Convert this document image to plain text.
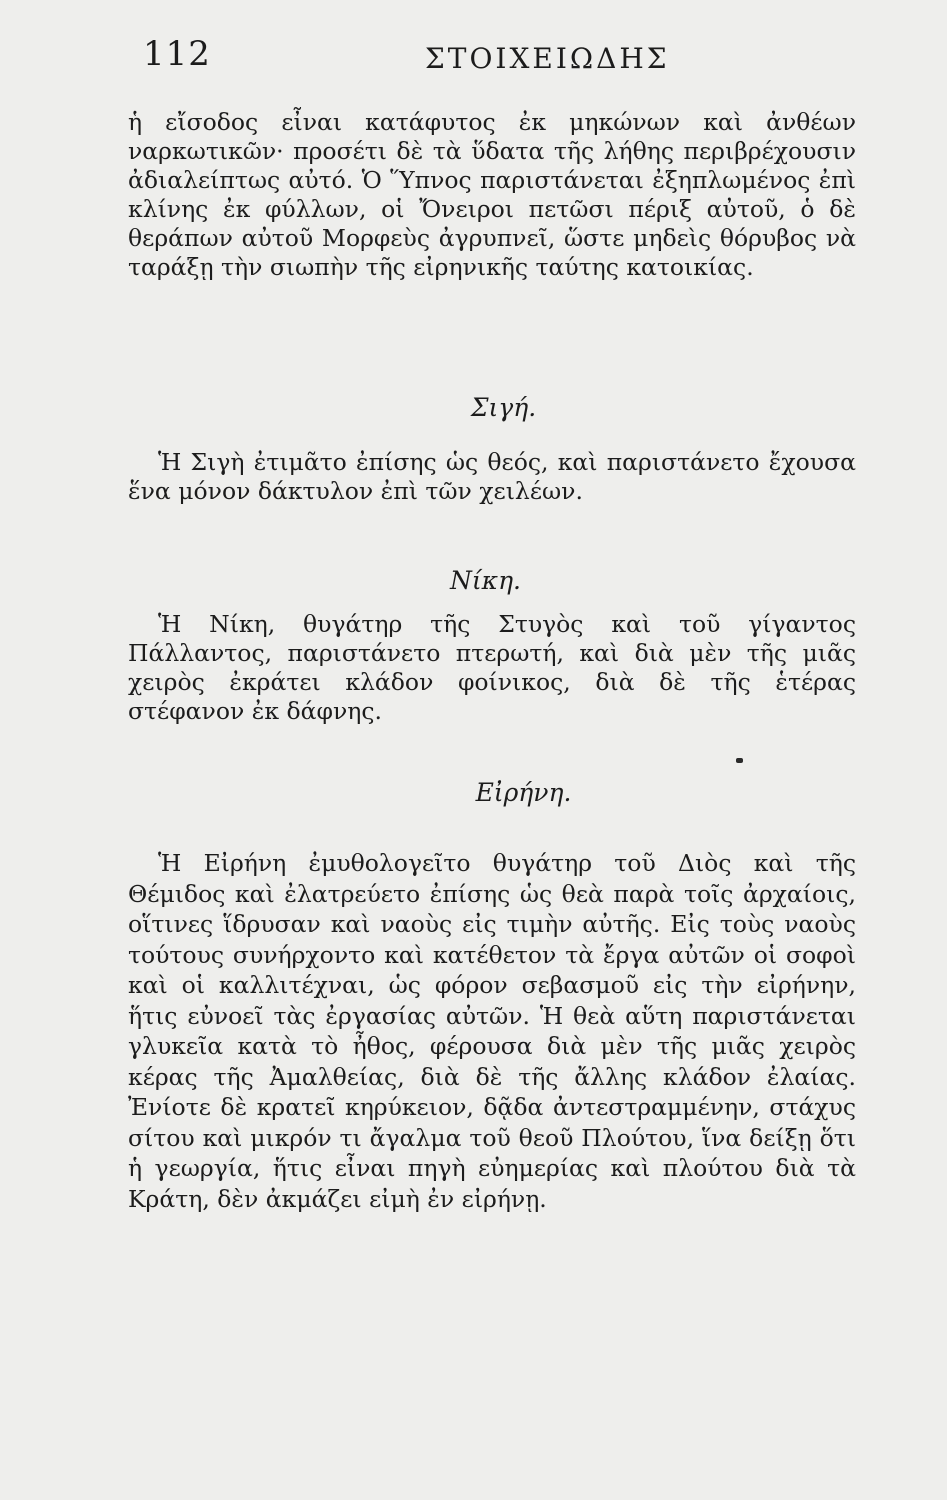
112	ΣΤΟΙΧΕΙΩΔΗΣ

ἡ εἴσοδος εἶναι κατάφυτος ἐκ μηκώνων καὶ ἀνθέων ναρκωτικῶν· προσέτι δὲ τὰ ὕδατα τῆς λήθης περιβρέχουσιν ἀδιαλείπτως αὐτό. Ὁ Ὕπνος παριστάνεται ἐξηπλωμένος ἐπὶ κλίνης ἐκ φύλλων, οἱ Ὄνειροι πετῶσι πέριξ αὐτοῦ, ὁ δὲ θεράπων αὐτοῦ Μορφεὺς ἀγρυπνεῖ, ὥστε μηδεὶς θόρυβος νὰ ταράξῃ τὴν σιωπὴν τῆς εἰρηνικῆς ταύτης κατοικίας.

Σιγή.

Ἡ Σιγὴ ἐτιμᾶτο ἐπίσης ὡς θεός, καὶ παριστάνετο ἔχουσα ἕνα μόνον δάκτυλον ἐπὶ τῶν χειλέων.

Νίκη.

Ἡ Νίκη, θυγάτηρ τῆς Στυγὸς καὶ τοῦ γίγαντος Πάλλαντος, παριστάνετο πτερωτή, καὶ διὰ μὲν τῆς μιᾶς χειρὸς ἐκράτει κλάδον φοίνικος, διὰ δὲ τῆς ἑτέρας στέφανον ἐκ δάφνης.

Εἰρήνη.

Ἡ Εἰρήνη ἐμυθολογεῖτο θυγάτηρ τοῦ Διὸς καὶ τῆς Θέμιδος καὶ ἐλατρεύετο ἐπίσης ὡς θεὰ παρὰ τοῖς ἀρχαίοις, οἵτινες ἵδρυσαν καὶ ναοὺς εἰς τιμὴν αὐτῆς. Εἰς τοὺς ναοὺς τούτους συνήρχοντο καὶ κατέθετον τὰ ἔργα αὐτῶν οἱ σοφοὶ καὶ οἱ καλλιτέχναι, ὡς φόρον σεβασμοῦ εἰς τὴν εἰρήνην, ἥτις εὐνοεῖ τὰς ἐργασίας αὐτῶν. Ἡ θεὰ αὕτη παριστάνεται γλυκεῖα κατὰ τὸ ἦθος, φέρουσα διὰ μὲν τῆς μιᾶς χειρὸς κέρας τῆς Ἀμαλθείας, διὰ δὲ τῆς ἄλλης κλάδον ἐλαίας. Ἐνίοτε δὲ κρατεῖ κηρύκειον, δᾷδα ἀντεστραμμένην, στάχυς σίτου καὶ μικρόν τι ἄγαλμα τοῦ θεοῦ Πλούτου, ἵνα δείξῃ ὅτι ἡ γεωργία, ἥτις εἶναι πηγὴ εὐημερίας καὶ πλούτου διὰ τὰ Κράτη, δὲν ἀκμάζει εἰμὴ ἐν εἰρήνῃ.
